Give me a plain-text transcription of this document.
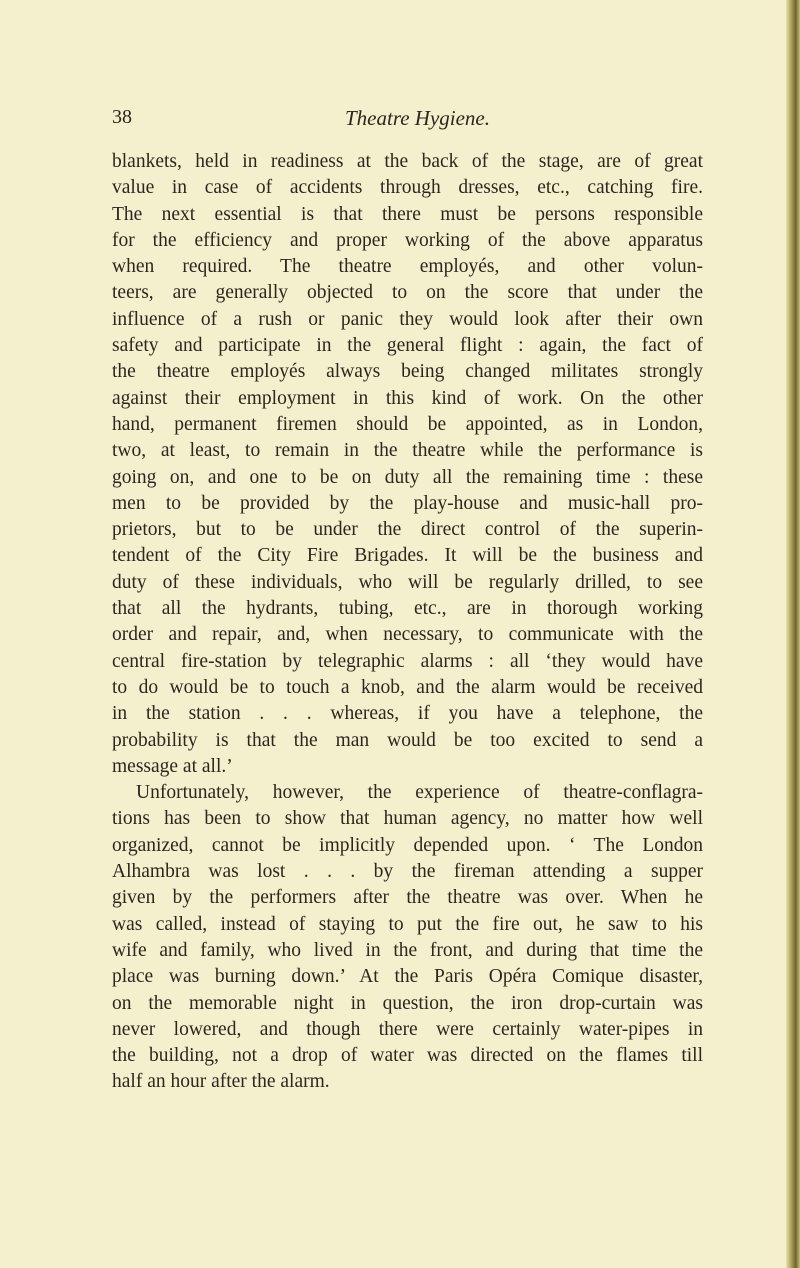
38	Theatre Hygiene.
blankets, held in readiness at the back of the stage, are of great
value in case of accidents through dresses, etc., catching fire.
The next essential is that there must be persons responsible
for the efficiency and proper working of the above apparatus
when required. The theatre employés, and other volun-
teers, are generally objected to on the score that under the
influence of a rush or panic they would look after their own
safety and participate in the general flight : again, the fact of
the theatre employés always being changed militates strongly
against their employment in this kind of work. On the other
hand, permanent firemen should be appointed, as in London,
two, at least, to remain in the theatre while the performance is
going on, and one to be on duty all the remaining time : these
men to be provided by the play-house and music-hall pro-
prietors, but to be under the direct control of the superin-
tendent of the City Fire Brigades. It will be the business and
duty of these individuals, who will be regularly drilled, to see
that all the hydrants, tubing, etc., are in thorough working
order and repair, and, when necessary, to communicate with the
central fire-station by telegraphic alarms : all ‘they would have
to do would be to touch a knob, and the alarm would be received
in the station . . . whereas, if you have a telephone, the
probability is that the man would be too excited to send a
message at all.’
Unfortunately, however, the experience of theatre-conflagra-
tions has been to show that human agency, no matter how well
organized, cannot be implicitly depended upon. ‘ The London
Alhambra was lost . . . by the fireman attending a supper
given by the performers after the theatre was over. When he
was called, instead of staying to put the fire out, he saw to his
wife and family, who lived in the front, and during that time the
place was burning down.’ At the Paris Opéra Comique disaster,
on the memorable night in question, the iron drop-curtain was
never lowered, and though there were certainly water-pipes in
the building, not a drop of water was directed on the flames till
half an hour after the alarm.
